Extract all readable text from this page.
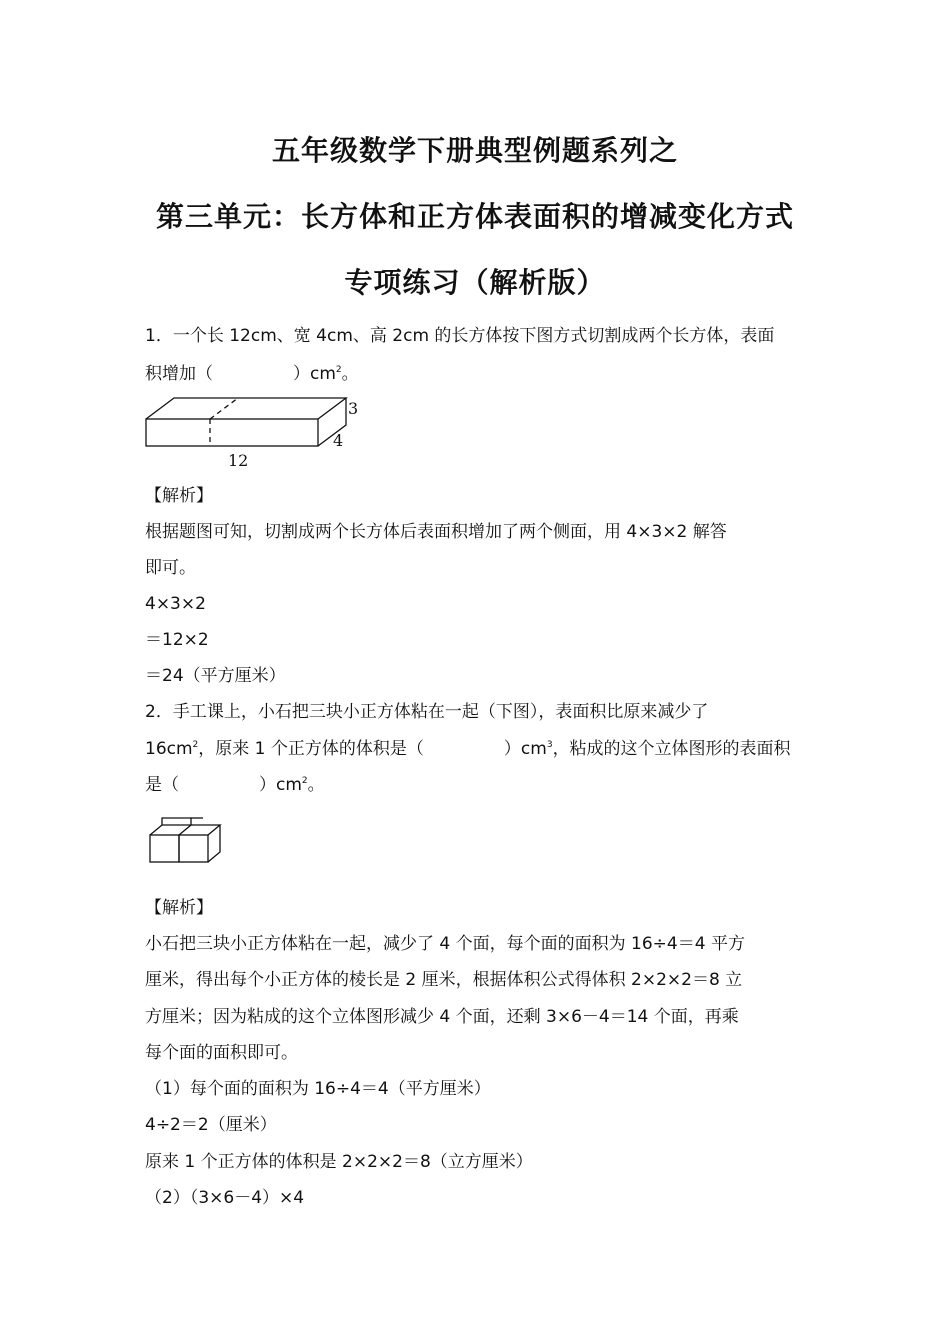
五年级数学下册典型例题系列之
第三单元：长方体和正方体表面积的增减变化方式
专项练习（解析版）
1．一个长 12cm、宽 4cm、高 2cm 的长方体按下图方式切割成两个长方体，表面
积增加（	）$cm^2$。
12
3
4
【解析】
根据题图可知，切割成两个长方体后表面积增加了两个侧面，用 4×3×2 解答
即可。
4×3×2
＝12×2
＝24（平方厘米）
2．手工课上，小石把三块小正方体粘在一起（下图），表面积比原来减少了
$16cm^2$，原来 1 个正方体的体积是（	）$cm^3$，粘成的这个立体图形的表面积
是（	）$cm^2$。
【解析】
小石把三块小正方体粘在一起，减少了 4 个面，每个面的面积为 16÷4＝4 平方
厘米，得出每个小正方体的棱长是 2 厘米，根据体积公式得体积 2×2×2＝8 立
方厘米；因为粘成的这个立体图形减少 4 个面，还剩 3×6－4＝14 个面，再乘
每个面的面积即可。
（1）每个面的面积为 16÷4＝4（平方厘米）
4÷2＝2（厘米）
原来 1 个正方体的体积是 2×2×2＝8（立方厘米）
（2）（3×6－4）×4
